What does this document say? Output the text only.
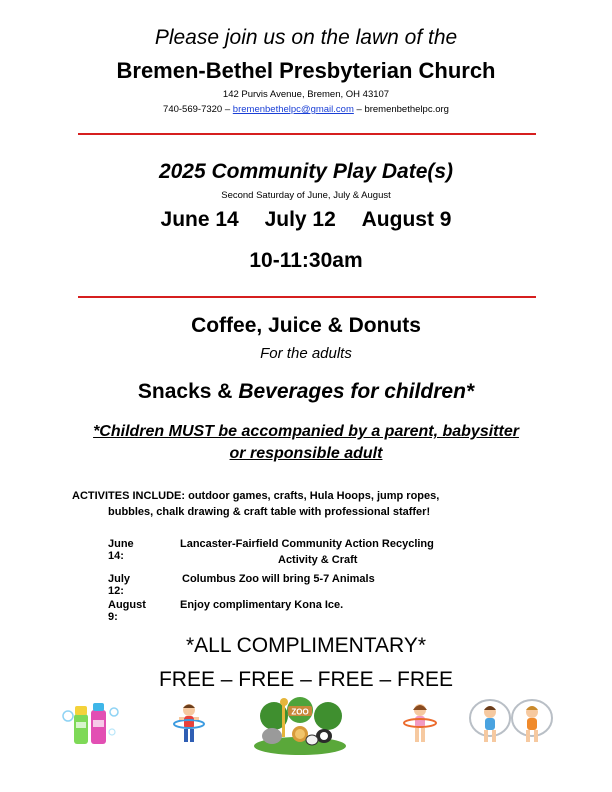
Please join us on the lawn of the
Bremen-Bethel Presbyterian Church
142 Purvis Avenue, Bremen, OH 43107
740-569-7320 – bremenbethelpc@gmail.com – bremenbethelpc.org
2025 Community Play Date(s)
Second Saturday of June, July & August
June 14 July 12 August 9
10-11:30am
Coffee, Juice & Donuts
For the adults
Snacks & Beverages for children*
*Children MUST be accompanied by a parent, babysitter
or responsible adult
ACTIVITES INCLUDE: outdoor games, crafts, Hula Hoops, jump ropes,
bubbles, chalk drawing & craft table with professional staffer!
June 14:
Lancaster-Fairfield Community Action Recycling
Activity & Craft
July 12:
Columbus Zoo will bring 5-7 Animals
August 9:
Enjoy complimentary Kona Ice.
*ALL COMPLIMENTARY*
FREE – FREE – FREE – FREE
ZOO
